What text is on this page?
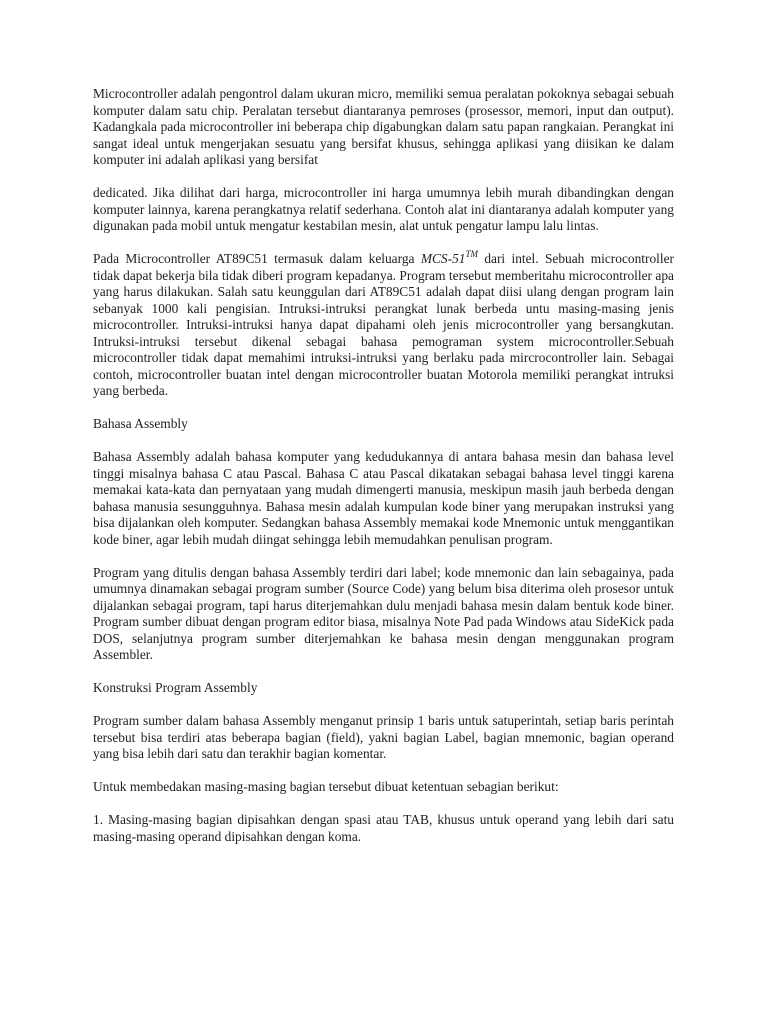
Microcontroller adalah pengontrol dalam ukuran micro, memiliki semua peralatan pokoknya sebagai sebuah komputer dalam satu chip. Peralatan tersebut diantaranya pemroses (prosessor, memori, input dan output). Kadangkala pada microcontroller ini beberapa chip digabungkan dalam satu papan rangkaian. Perangkat ini sangat ideal untuk mengerjakan sesuatu yang bersifat khusus, sehingga aplikasi yang diisikan ke dalam komputer ini adalah aplikasi yang bersifat

dedicated. Jika dilihat dari harga, microcontroller ini harga umumnya lebih murah dibandingkan dengan komputer lainnya, karena perangkatnya relatif sederhana. Contoh alat ini diantaranya adalah komputer yang digunakan pada mobil untuk mengatur kestabilan mesin, alat untuk pengatur lampu lalu lintas.

Pada Microcontroller AT89C51 termasuk dalam keluarga MCS-51™ dari intel. Sebuah microcontroller tidak dapat bekerja bila tidak diberi program kepadanya. Program tersebut memberitahu microcontroller apa yang harus dilakukan. Salah satu keunggulan dari AT89C51 adalah dapat diisi ulang dengan program lain sebanyak 1000 kali pengisian. Intruksi-intruksi perangkat lunak berbeda untu masing-masing jenis microcontroller. Intruksi-intruksi hanya dapat dipahami oleh jenis microcontroller yang bersangkutan. Intruksi-intruksi tersebut dikenal sebagai bahasa pemograman system microcontroller.Sebuah microcontroller tidak dapat memahimi intruksi-intruksi yang berlaku pada mircrocontroller lain. Sebagai contoh, microcontroller buatan intel dengan microcontroller buatan Motorola memiliki perangkat intruksi yang berbeda.

Bahasa Assembly

Bahasa Assembly adalah bahasa komputer yang kedudukannya di antara bahasa mesin dan bahasa level tinggi misalnya bahasa C atau Pascal. Bahasa C atau Pascal dikatakan sebagai bahasa level tinggi karena memakai kata-kata dan pernyataan yang mudah dimengerti manusia, meskipun masih jauh berbeda dengan bahasa manusia sesungguhnya. Bahasa mesin adalah kumpulan kode biner yang merupakan instruksi yang bisa dijalankan oleh komputer. Sedangkan bahasa Assembly memakai kode Mnemonic untuk menggantikan kode biner, agar lebih mudah diingat sehingga lebih memudahkan penulisan program.

Program yang ditulis dengan bahasa Assembly terdiri dari label; kode mnemonic dan lain sebagainya, pada umumnya dinamakan sebagai program sumber (Source Code) yang belum bisa diterima oleh prosesor untuk dijalankan sebagai program, tapi harus diterjemahkan dulu menjadi bahasa mesin dalam bentuk kode biner. Program sumber dibuat dengan program editor biasa, misalnya Note Pad pada Windows atau SideKick pada DOS, selanjutnya program sumber diterjemahkan ke bahasa mesin dengan menggunakan program Assembler.

Konstruksi Program Assembly

Program sumber dalam bahasa Assembly menganut prinsip 1 baris untuk satuperintah, setiap baris perintah tersebut bisa terdiri atas beberapa bagian (field), yakni bagian Label, bagian mnemonic, bagian operand yang bisa lebih dari satu dan terakhir bagian komentar.

Untuk membedakan masing-masing bagian tersebut dibuat ketentuan sebagian berikut:

1. Masing-masing bagian dipisahkan dengan spasi atau TAB, khusus untuk operand yang lebih dari satu masing-masing operand dipisahkan dengan koma.
